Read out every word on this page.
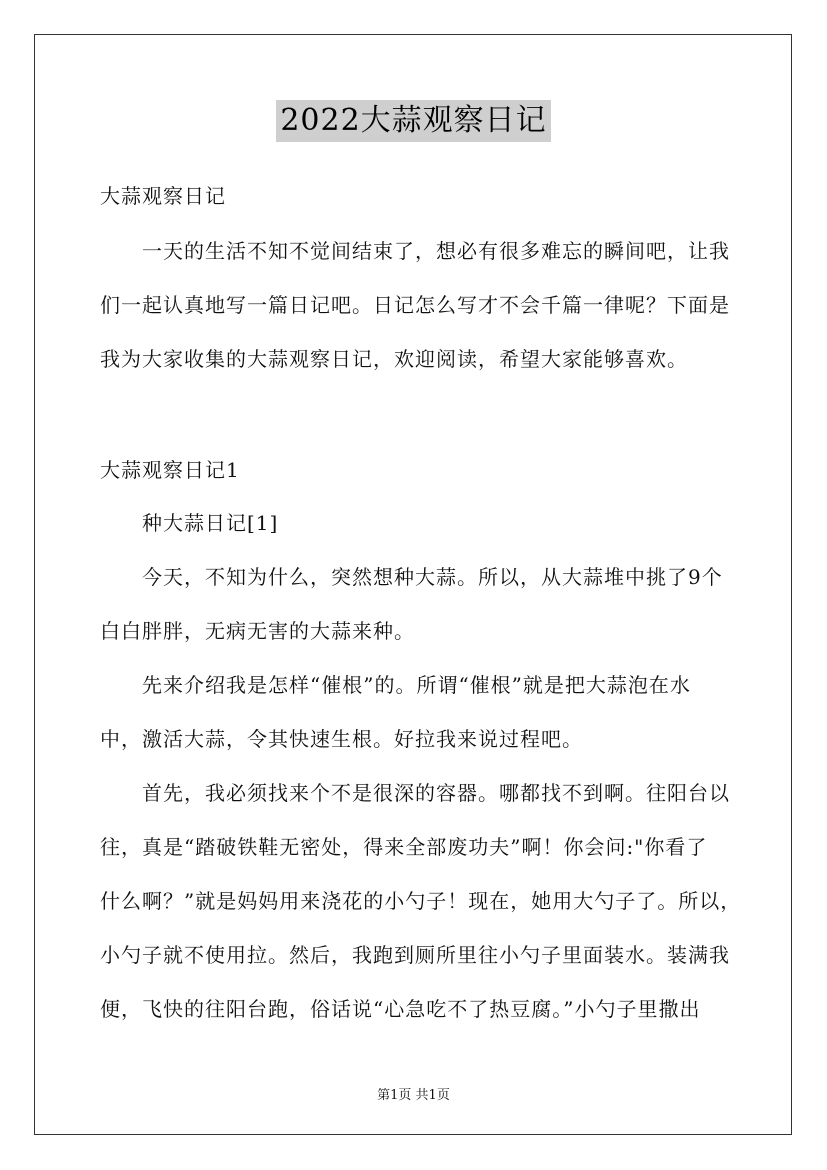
2022大蒜观察日记
大蒜观察日记
一天的生活不知不觉间结束了，想必有很多难忘的瞬间吧，让我
们一起认真地写一篇日记吧。日记怎么写才不会千篇一律呢？下面是
我为大家收集的大蒜观察日记，欢迎阅读，希望大家能够喜欢。
大蒜观察日记1
种大蒜日记[1]
今天，不知为什么，突然想种大蒜。所以，从大蒜堆中挑了9个
白白胖胖，无病无害的大蒜来种。
先来介绍我是怎样“催根”的。所谓“催根”就是把大蒜泡在水
中，激活大蒜，令其快速生根。好拉我来说过程吧。
首先，我必须找来个不是很深的容器。哪都找不到啊。往阳台以
往，真是“踏破铁鞋无密处，得来全部废功夫”啊！你会问:"你看了
什么啊？”就是妈妈用来浇花的小勺子！现在，她用大勺子了。所以，
小勺子就不使用拉。然后，我跑到厕所里往小勺子里面装水。装满我
便，飞快的往阳台跑，俗话说“心急吃不了热豆腐。”小勺子里撒出
第1页 共1页
